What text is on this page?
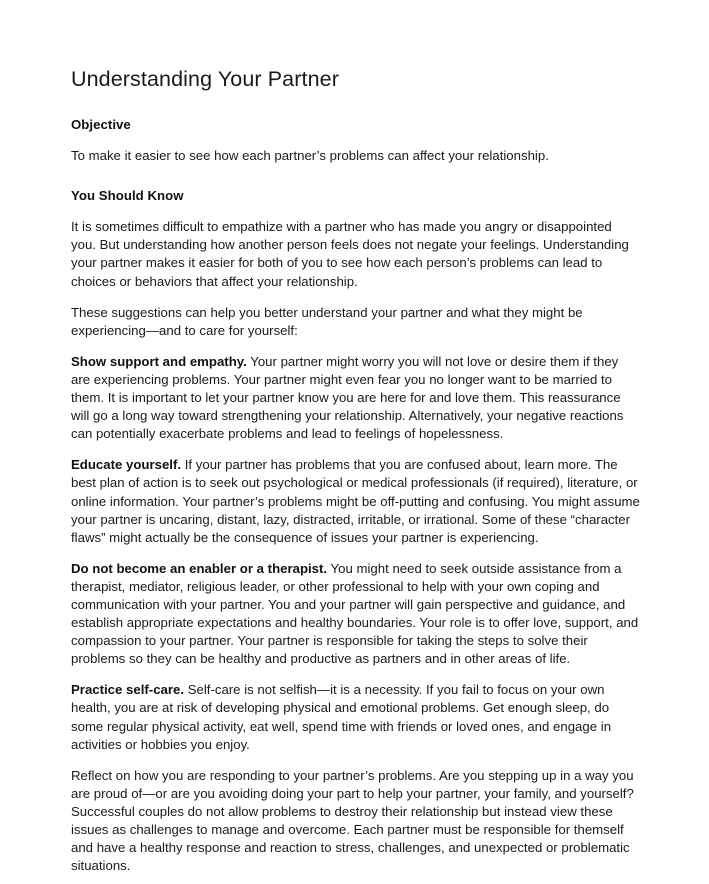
Understanding Your Partner
Objective

To make it easier to see how each partner’s problems can affect your relationship.

You Should Know

It is sometimes difficult to empathize with a partner who has made you angry or disappointed you. But understanding how another person feels does not negate your feelings. Understanding your partner makes it easier for both of you to see how each person’s problems can lead to choices or behaviors that affect your relationship.

These suggestions can help you better understand your partner and what they might be experiencing—and to care for yourself:

Show support and empathy. Your partner might worry you will not love or desire them if they are experiencing problems. Your partner might even fear you no longer want to be married to them. It is important to let your partner know you are here for and love them. This reassurance will go a long way toward strengthening your relationship. Alternatively, your negative reactions can potentially exacerbate problems and lead to feelings of hopelessness.

Educate yourself. If your partner has problems that you are confused about, learn more. The best plan of action is to seek out psychological or medical professionals (if required), literature, or online information. Your partner’s problems might be off-putting and confusing. You might assume your partner is uncaring, distant, lazy, distracted, irritable, or irrational. Some of these “character flaws” might actually be the consequence of issues your partner is experiencing.

Do not become an enabler or a therapist. You might need to seek outside assistance from a therapist, mediator, religious leader, or other professional to help with your own coping and communication with your partner. You and your partner will gain perspective and guidance, and establish appropriate expectations and healthy boundaries. Your role is to offer love, support, and compassion to your partner. Your partner is responsible for taking the steps to solve their problems so they can be healthy and productive as partners and in other areas of life.

Practice self-care. Self-care is not selfish—it is a necessity. If you fail to focus on your own health, you are at risk of developing physical and emotional problems. Get enough sleep, do some regular physical activity, eat well, spend time with friends or loved ones, and engage in activities or hobbies you enjoy.

Reflect on how you are responding to your partner’s problems. Are you stepping up in a way you are proud of—or are you avoiding doing your part to help your partner, your family, and yourself? Successful couples do not allow problems to destroy their relationship but instead view these issues as challenges to manage and overcome. Each partner must be responsible for themself and have a healthy response and reaction to stress, challenges, and unexpected or problematic situations.
